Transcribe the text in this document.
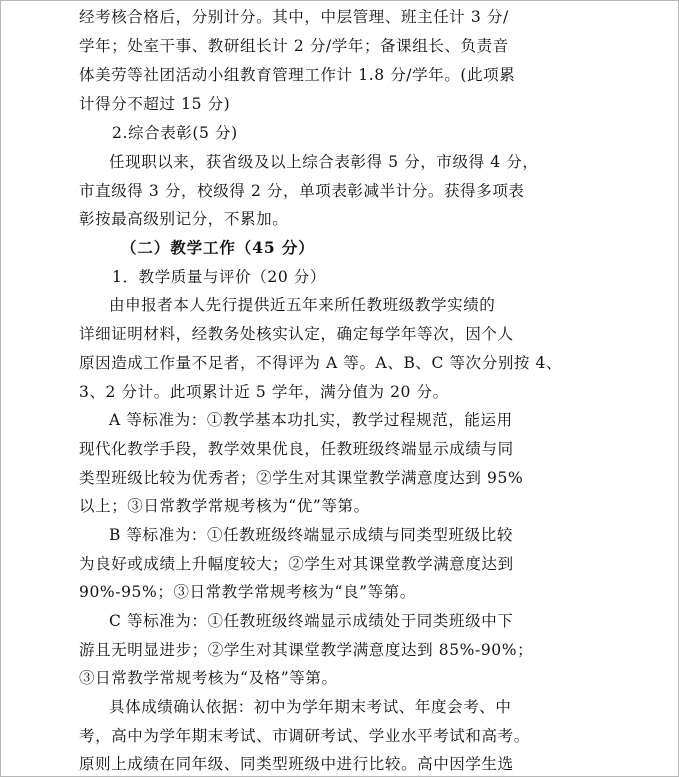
经考核合格后，分别计分。其中，中层管理、班主任计 3 分/
学年；处室干事、教研组长计 2 分/学年；备课组长、负责音
体美劳等社团活动小组教育管理工作计 1.8 分/学年。(此项累
计得分不超过 15 分)
2.综合表彰(5 分)
任现职以来，获省级及以上综合表彰得 5 分，市级得 4 分，
市直级得 3 分，校级得 2 分，单项表彰减半计分。获得多项表
彰按最高级别记分，不累加。
（二）教学工作（45 分）
1．教学质量与评价（20 分）
由申报者本人先行提供近五年来所任教班级教学实绩的
详细证明材料，经教务处核实认定，确定每学年等次，因个人
原因造成工作量不足者，不得评为 A 等。A、B、C 等次分别按 4、
3、2 分计。此项累计近 5 学年，满分值为 20 分。
A 等标准为：①教学基本功扎实，教学过程规范，能运用
现代化教学手段，教学效果优良，任教班级终端显示成绩与同
类型班级比较为优秀者；②学生对其课堂教学满意度达到 95%
以上；③日常教学常规考核为“优”等第。
B 等标准为：①任教班级终端显示成绩与同类型班级比较
为良好或成绩上升幅度较大；②学生对其课堂教学满意度达到
90%-95%；③日常教学常规考核为“良”等第。
C 等标准为：①任教班级终端显示成绩处于同类班级中下
游且无明显进步；②学生对其课堂教学满意度达到 85%-90%；
③日常教学常规考核为“及格”等第。
具体成绩确认依据：初中为学年期末考试、年度会考、中
考，高中为学年期末考试、市调研考试、学业水平考试和高考。
原则上成绩在同年级、同类型班级中进行比较。高中因学生选
